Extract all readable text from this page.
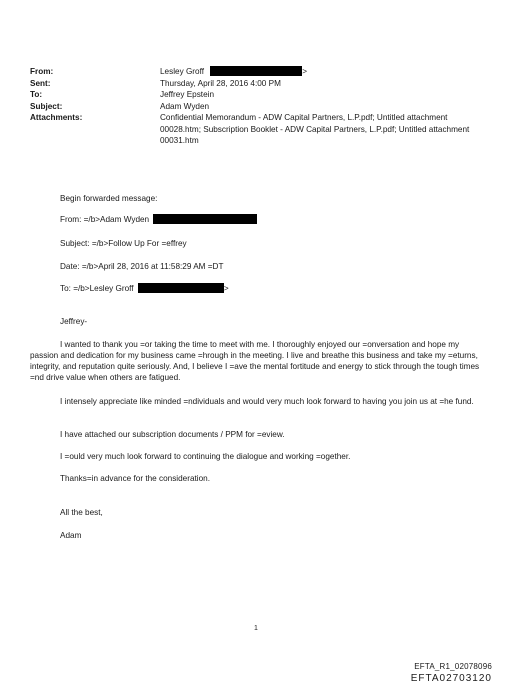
From:	Lesley Groff	>
Sent:	Thursday, April 28, 2016 4:00 PM
To:	Jeffrey Epstein
Subject:	Adam Wyden
Attachments:	Confidential Memorandum - ADW Capital Partners, L.P.pdf; Untitled attachment 00028.htm; Subscription Booklet - ADW Capital Partners, L.P.pdf; Untitled attachment 00031.htm
Begin forwarded message:
From: =/b>Adam Wyden
Subject: =/b>Follow Up For =effrey
Date: =/b>April 28, 2016 at 11:58:29 AM =DT
To: =/b>Lesley Groff	>
Jeffrey-

I wanted to thank you =or taking the time to meet with me. I thoroughly enjoyed our =onversation and hope my passion and dedication for my business came =hrough in the meeting. I live and breathe this business and take my =eturns, integrity, and reputation quite seriously. And, I believe I =ave the mental fortitude and energy to stick through the tough times =nd drive value when others are fatigued.

I intensely appreciate like minded =ndividuals and would very much look forward to having you join us at =he fund.

I have attached our subscription documents / PPM for =eview.
I =ould very much look forward to continuing the dialogue and working =ogether.
Thanks=in advance for the consideration.
All the best,
Adam
1
EFTA_R1_02078096
EFTA02703120
